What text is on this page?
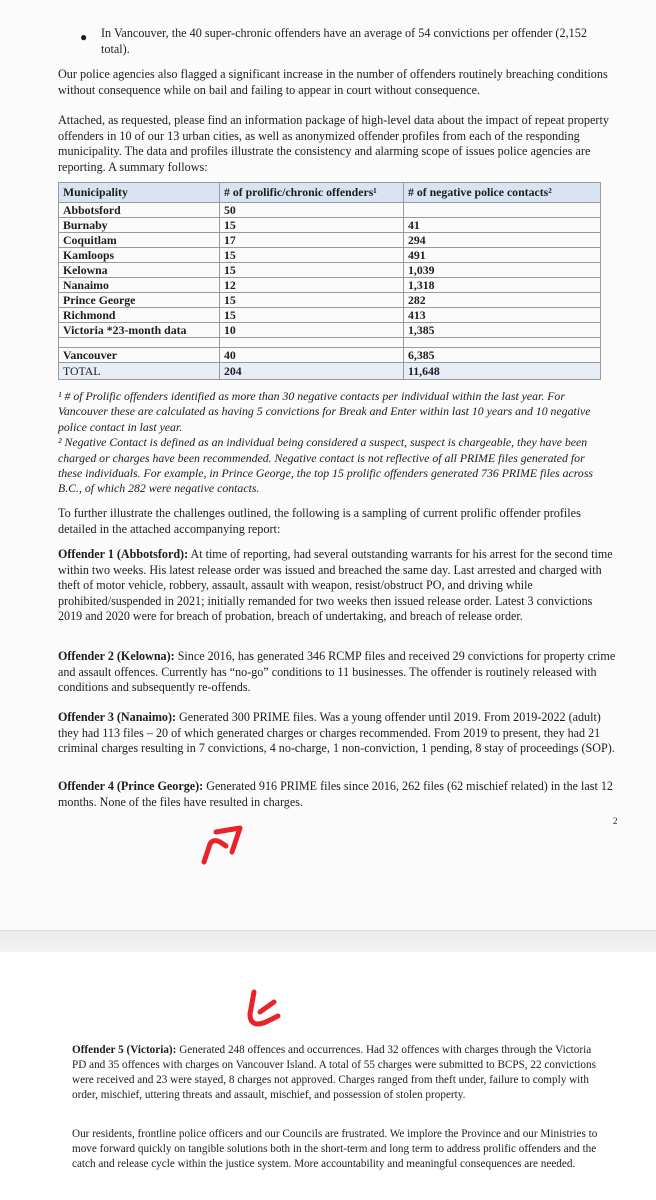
● In Vancouver, the 40 super-chronic offenders have an average of 54 convictions per offender (2,152 total).

Our police agencies also flagged a significant increase in the number of offenders routinely breaching conditions without consequence while on bail and failing to appear in court without consequence.

Attached, as requested, please find an information package of high-level data about the impact of repeat property offenders in 10 of our 13 urban cities, as well as anonymized offender profiles from each of the responding municipality. The data and profiles illustrate the consistency and alarming scope of issues police agencies are reporting. A summary follows:

Municipality	# of prolific/chronic offenders¹	# of negative police contacts²
Abbotsford	50	
Burnaby	15	41
Coquitlam	17	294
Kamloops	15	491
Kelowna	15	1,039
Nanaimo	12	1,318
Prince George	15	282
Richmond	15	413
Victoria *23-month data	10	1,385

Vancouver	40	6,385
TOTAL	204	11,648

¹ # of Prolific offenders identified as more than 30 negative contacts per individual within the last year. For Vancouver these are calculated as having 5 convictions for Break and Enter within last 10 years and 10 negative police contact in last year.

² Negative Contact is defined as an individual being considered a suspect, suspect is chargeable, they have been charged or charges have been recommended. Negative contact is not reflective of all PRIME files generated for these individuals. For example, in Prince George, the top 15 prolific offenders generated 736 PRIME files across B.C., of which 282 were negative contacts.

To further illustrate the challenges outlined, the following is a sampling of current prolific offender profiles detailed in the attached accompanying report:

Offender 1 (Abbotsford): At time of reporting, had several outstanding warrants for his arrest for the second time within two weeks. His latest release order was issued and breached the same day. Last arrested and charged with theft of motor vehicle, robbery, assault, assault with weapon, resist/obstruct PO, and driving while prohibited/suspended in 2021; initially remanded for two weeks then issued release order. Latest 3 convictions 2019 and 2020 were for breach of probation, breach of undertaking, and breach of release order.
Offender 2 (Kelowna): Since 2016, has generated 346 RCMP files and received 29 convictions for property crime and assault offences. Currently has “no-go” conditions to 11 businesses. The offender is routinely released with conditions and subsequently re-offends.
Offender 3 (Nanaimo): Generated 300 PRIME files. Was a young offender until 2019. From 2019-2022 (adult) they had 113 files – 20 of which generated charges or charges recommended. From 2019 to present, they had 21 criminal charges resulting in 7 convictions, 4 no-charge, 1 non-conviction, 1 pending, 8 stay of proceedings (SOP).
Offender 4 (Prince George): Generated 916 PRIME files since 2016, 262 files (62 mischief related) in the last 12 months. None of the files have resulted in charges.
2
Offender 5 (Victoria): Generated 248 offences and occurrences. Had 32 offences with charges through the Victoria PD and 35 offences with charges on Vancouver Island. A total of 55 charges were submitted to BCPS, 22 convictions were received and 23 were stayed, 8 charges not approved. Charges ranged from theft under, failure to comply with order, mischief, uttering threats and assault, mischief, and possession of stolen property.

Our residents, frontline police officers and our Councils are frustrated. We implore the Province and our Ministries to move forward quickly on tangible solutions both in the short-term and long term to address prolific offenders and the catch and release cycle within the justice system. More accountability and meaningful consequences are needed.
